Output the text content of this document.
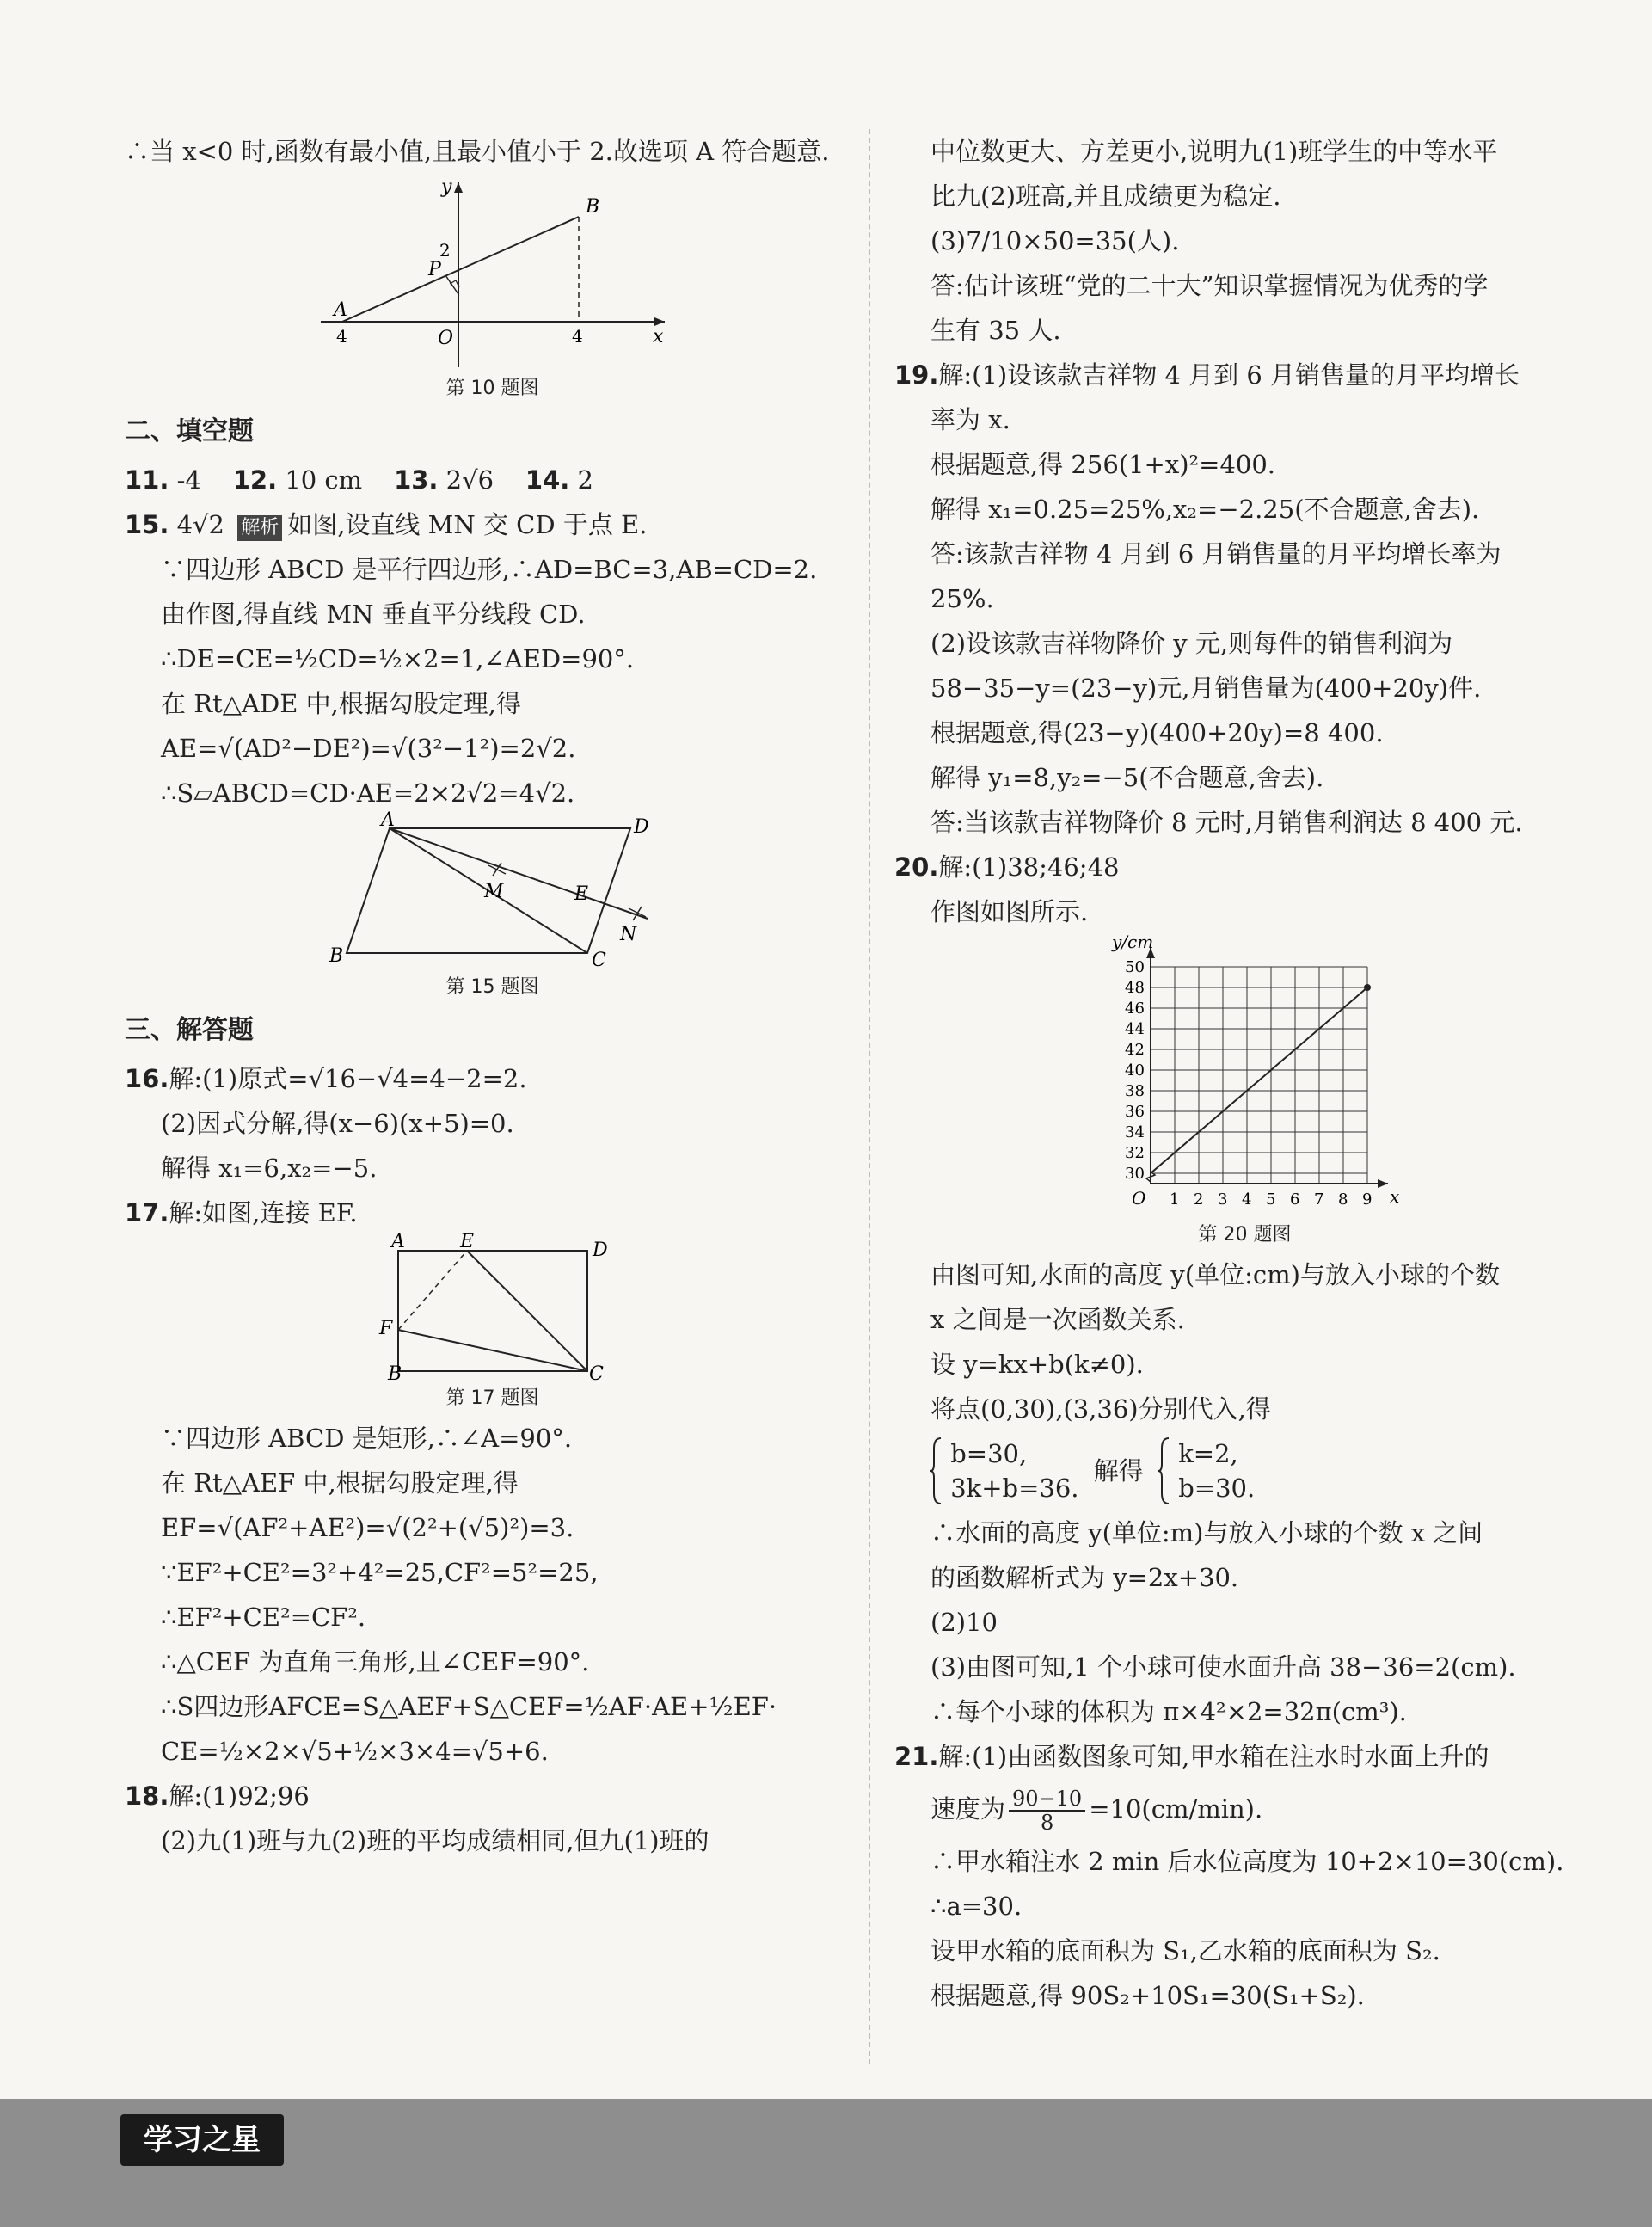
∴当 x<0 时,函数有最小值,且最小值小于 2.故选项 A 符合题意.
y
B
P
2
A
4	O	4	x
第 10 题图
二、填空题
11. -4 12. 10 cm 13. 2√6 14. 2
15. 4√2 解析 如图,设直线 MN 交 CD 于点 E.
∵四边形 ABCD 是平行四边形,∴AD=BC=3,AB=CD=2.
由作图,得直线 MN 垂直平分线段 CD.
∴DE=CE=½CD=½×2=1,∠AED=90°.
在 Rt△ADE 中,根据勾股定理,得
AE=√(AD²−DE²)=√(3²−1²)=2√2.
∴S▱ABCD=CD·AE=2×2√2=4√2.
A	D
M	E
N
B	C
第 15 题图
三、解答题
16.解:(1)原式=√16−√4=4−2=2.
(2)因式分解,得(x−6)(x+5)=0.
解得 x₁=6,x₂=−5.
17.解:如图,连接 EF.
A	E	D
F
B	C
第 17 题图
∵四边形 ABCD 是矩形,∴∠A=90°.
在 Rt△AEF 中,根据勾股定理,得
EF=√(AF²+AE²)=√(2²+(√5)²)=3.
∵EF²+CE²=3²+4²=25,CF²=5²=25,
∴EF²+CE²=CF².
∴△CEF 为直角三角形,且∠CEF=90°.
∴S四边形AFCE=S△AEF+S△CEF=½AF·AE+½EF·
CE=½×2×√5+½×3×4=√5+6.
18.解:(1)92;96
(2)九(1)班与九(2)班的平均成绩相同,但九(1)班的
中位数更大、方差更小,说明九(1)班学生的中等水平
比九(2)班高,并且成绩更为稳定.
(3)7/10×50=35(人).
答:估计该班“党的二十大”知识掌握情况为优秀的学
生有 35 人.
19.解:(1)设该款吉祥物 4 月到 6 月销售量的月平均增长
率为 x.
根据题意,得 256(1+x)²=400.
解得 x₁=0.25=25%,x₂=−2.25(不合题意,舍去).
答:该款吉祥物 4 月到 6 月销售量的月平均增长率为
25%.
(2)设该款吉祥物降价 y 元,则每件的销售利润为
58−35−y=(23−y)元,月销售量为(400+20y)件.
根据题意,得(23−y)(400+20y)=8 400.
解得 y₁=8,y₂=−5(不合题意,舍去).
答:当该款吉祥物降价 8 元时,月销售利润达 8 400 元.
20.解:(1)38;46;48
作图如图所示.
y/cm
x
O 1 2 3 4 5 6 7 8 9
30
32
34
36
38
40
42
44
46
48
50
第 20 题图
由图可知,水面的高度 y(单位:cm)与放入小球的个数
x 之间是一次函数关系.
设 y=kx+b(k≠0).
将点(0,30),(3,36)分别代入,得

b=30,
3k+b=36.
解得
k=2,
b=30.
∴水面的高度 y(单位:m)与放入小球的个数 x 之间
的函数解析式为 y=2x+30.
(2)10
(3)由图可知,1 个小球可使水面升高 38−36=2(cm).
∴每个小球的体积为 π×4²×2=32π(cm³).
21.解:(1)由函数图象可知,甲水箱在注水时水面上升的
速度为 $\frac{90-10}{8} =10(cm/\min)$.
∴甲水箱注水 2 min 后水位高度为 10+2×10=30(cm).
∴a=30.
设甲水箱的底面积为 S₁,乙水箱的底面积为 S₂.
根据题意,得 90S₂+10S₁=30(S₁+S₂).

学习之星
